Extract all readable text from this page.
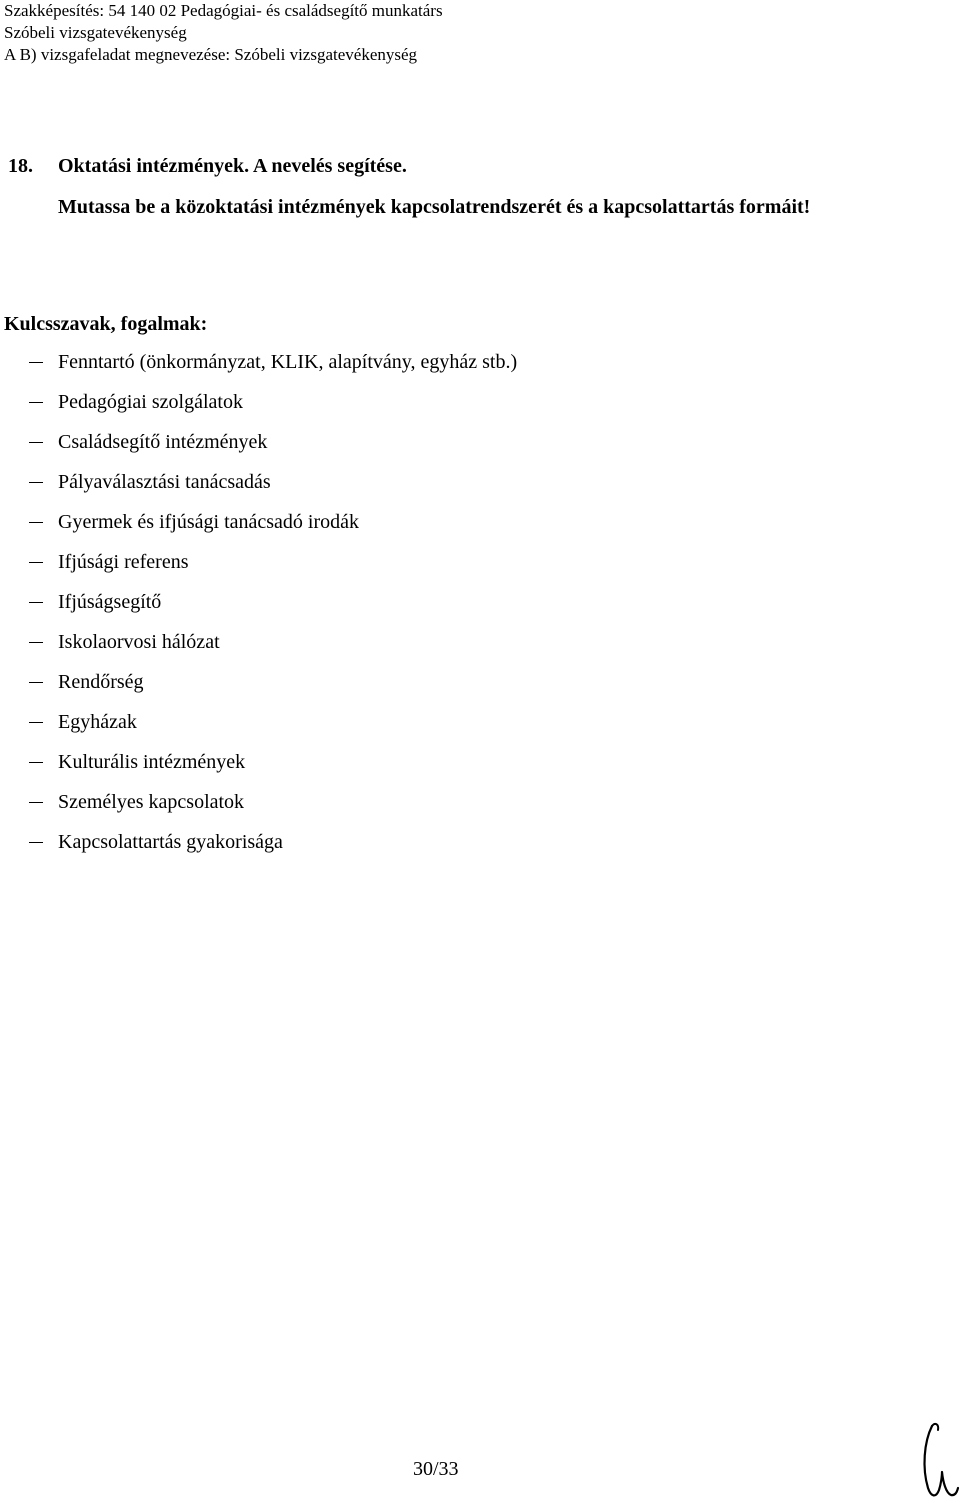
Szakképesítés: 54 140 02 Pedagógiai- és családsegítő munkatárs
Szóbeli vizsgatevékenység
A B) vizsgafeladat megnevezése: Szóbeli vizsgatevékenység
18. Oktatási intézmények. A nevelés segítése.
Mutassa be a közoktatási intézmények kapcsolatrendszerét és a kapcsolattartás formáit!
Kulcsszavak, fogalmak:
Fenntartó (önkormányzat, KLIK, alapítvány, egyház stb.)
Pedagógiai szolgálatok
Családsegítő intézmények
Pályaválasztási tanácsadás
Gyermek és ifjúsági tanácsadó irodák
Ifjúsági referens
Ifjúságsegítő
Iskolaorvosi hálózat
Rendőrség
Egyházak
Kulturális intézmények
Személyes kapcsolatok
Kapcsolattartás gyakorisága
30/33
